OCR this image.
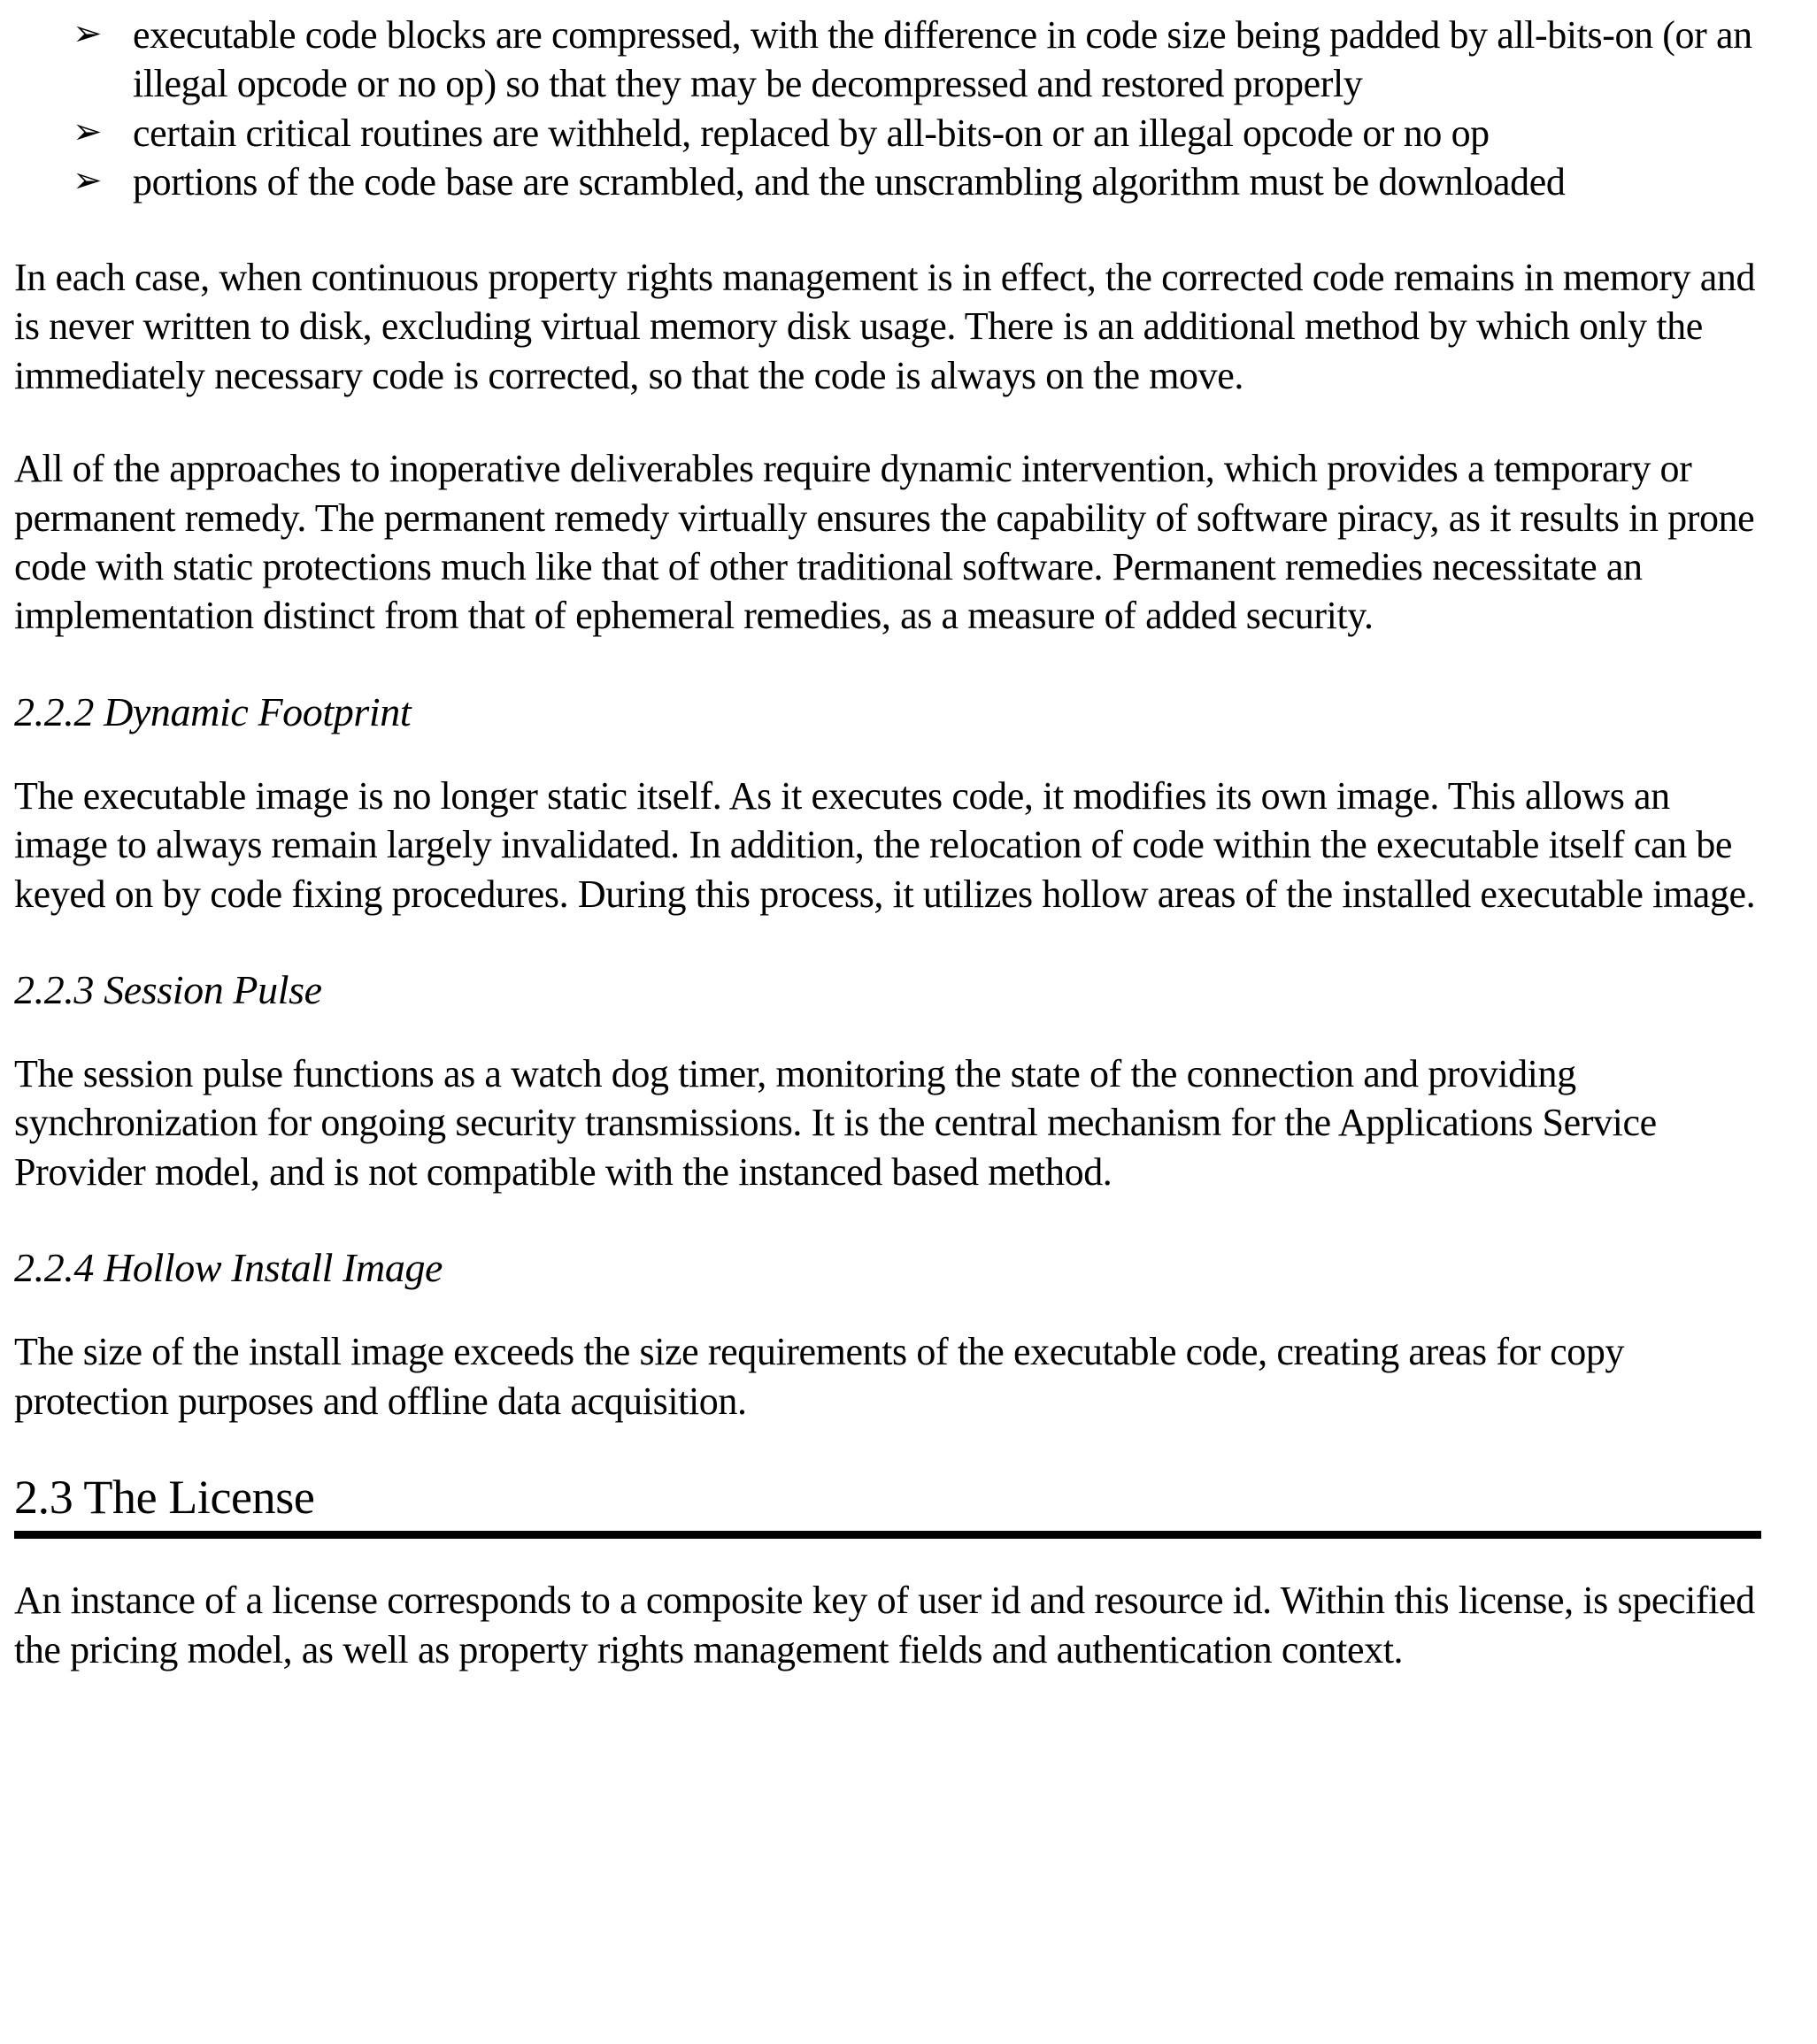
➢ executable code blocks are compressed, with the difference in code size being padded by all-bits-on (or an illegal opcode or no op) so that they may be decompressed and restored properly
➢ certain critical routines are withheld, replaced by all-bits-on or an illegal opcode or no op
➢ portions of the code base are scrambled, and the unscrambling algorithm must be downloaded

In each case, when continuous property rights management is in effect, the corrected code remains in memory and is never written to disk, excluding virtual memory disk usage. There is an additional method by which only the immediately necessary code is corrected, so that the code is always on the move.

All of the approaches to inoperative deliverables require dynamic intervention, which provides a temporary or permanent remedy. The permanent remedy virtually ensures the capability of software piracy, as it results in prone code with static protections much like that of other traditional software. Permanent remedies necessitate an implementation distinct from that of ephemeral remedies, as a measure of added security.

2.2.2 Dynamic Footprint

The executable image is no longer static itself. As it executes code, it modifies its own image. This allows an image to always remain largely invalidated. In addition, the relocation of code within the executable itself can be keyed on by code fixing procedures. During this process, it utilizes hollow areas of the installed executable image.

2.2.3 Session Pulse

The session pulse functions as a watch dog timer, monitoring the state of the connection and providing synchronization for ongoing security transmissions. It is the central mechanism for the Applications Service Provider model, and is not compatible with the instanced based method.

2.2.4 Hollow Install Image

The size of the install image exceeds the size requirements of the executable code, creating areas for copy protection purposes and offline data acquisition.

2.3 The License

An instance of a license corresponds to a composite key of user id and resource id. Within this license, is specified the pricing model, as well as property rights management fields and authentication context.
